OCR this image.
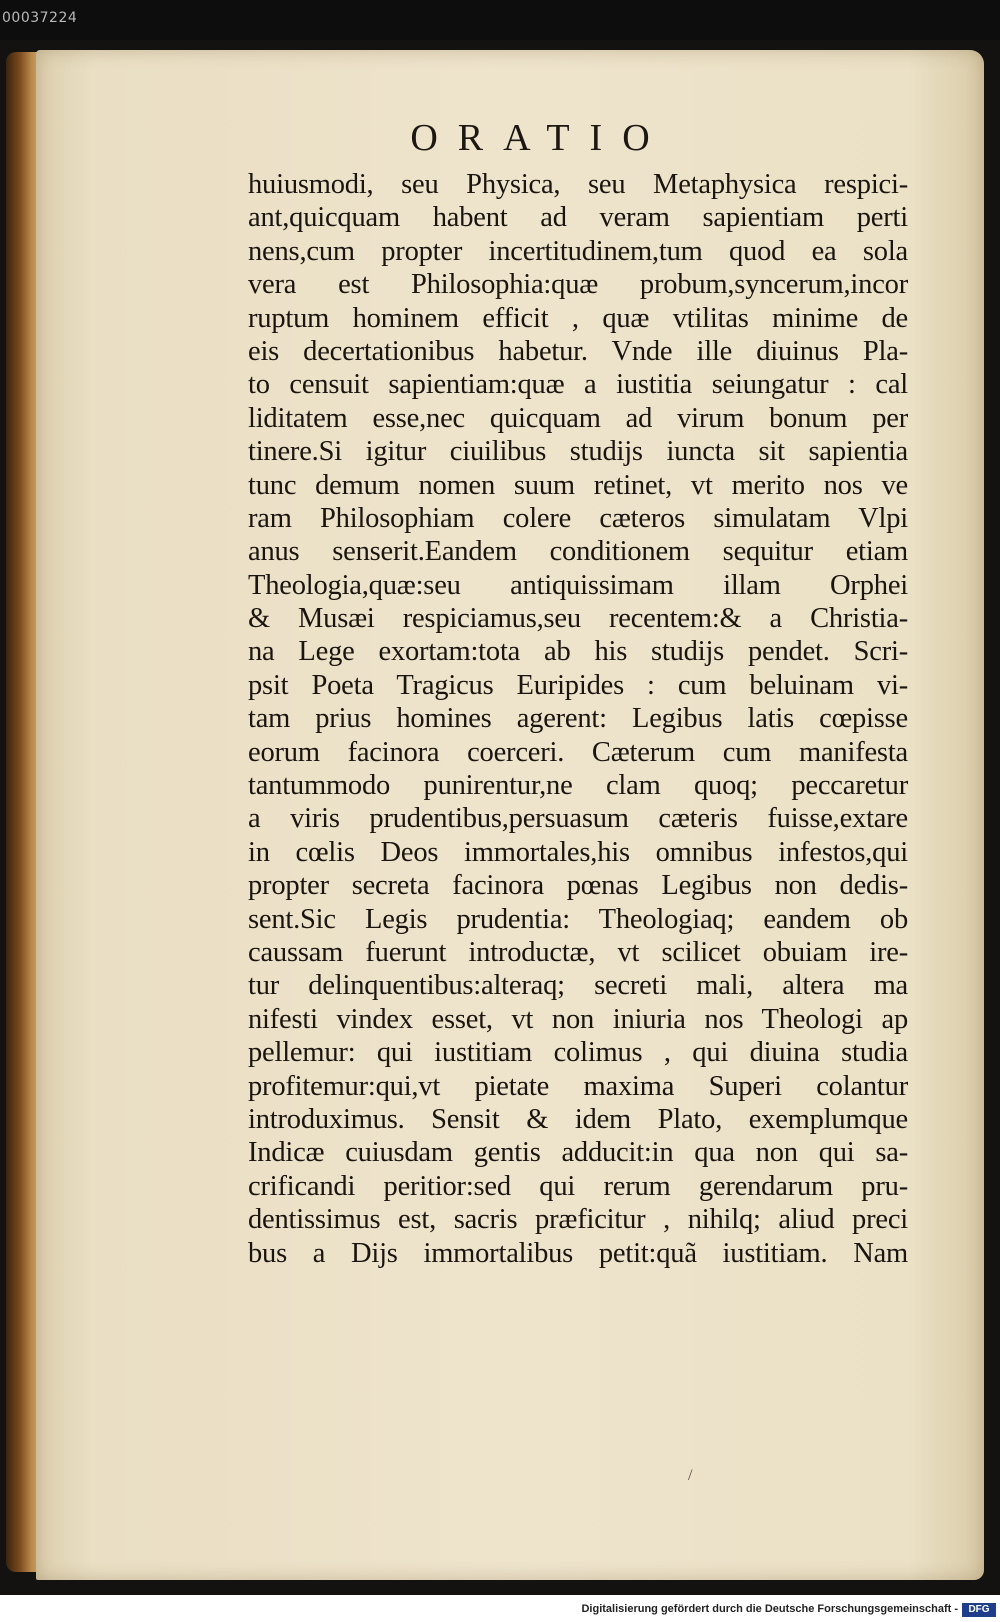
00037224
ORATIO
huiusmodi, seu Physica, seu Metaphysica respici-
ant,quicquam habent ad veram sapientiam perti
nens,cum propter incertitudinem,tum quod ea sola
vera est Philosophia:quæ probum,syncerum,incor
ruptum hominem efficit , quæ vtilitas minime de
eis decertationibus habetur. Vnde ille diuinus Pla-
to censuit sapientiam:quæ a iustitia seiungatur : cal
liditatem esse,nec quicquam ad virum bonum per
tinere.Si igitur ciuilibus studijs iuncta sit sapientia
tunc demum nomen suum retinet, vt merito nos ve
ram Philosophiam colere cæteros simulatam Vlpi
anus senserit.Eandem conditionem sequitur etiam
Theologia,quæ:seu antiquissimam illam Orphei
& Musæi respiciamus,seu recentem:& a Christia-
na Lege exortam:tota ab his studijs pendet. Scri-
psit Poeta Tragicus Euripides : cum beluinam vi-
tam prius homines agerent: Legibus latis cœpisse
eorum facinora coerceri. Cæterum cum manifesta
tantummodo punirentur,ne clam quoq; peccaretur
a viris prudentibus,persuasum cæteris fuisse,extare
in cœlis Deos immortales,his omnibus infestos,qui
propter secreta facinora pœnas Legibus non dedis-
sent.Sic Legis prudentia: Theologiaq; eandem ob
caussam fuerunt introductæ, vt scilicet obuiam ire-
tur delinquentibus:alteraq; secreti mali, altera ma
nifesti vindex esset, vt non iniuria nos Theologi ap
pellemur: qui iustitiam colimus , qui diuina studia
profitemur:qui,vt pietate maxima Superi colantur
introduximus. Sensit & idem Plato, exemplumque
Indicæ cuiusdam gentis adducit:in qua non qui sa-
crificandi peritior:sed qui rerum gerendarum pru-
dentissimus est, sacris præficitur , nihilq; aliud preci
bus a Dijs immortalibus petit:quã iustitiam. Nam
/
Digitalisierung gefördert durch die Deutsche Forschungsgemeinschaft -	DFG
